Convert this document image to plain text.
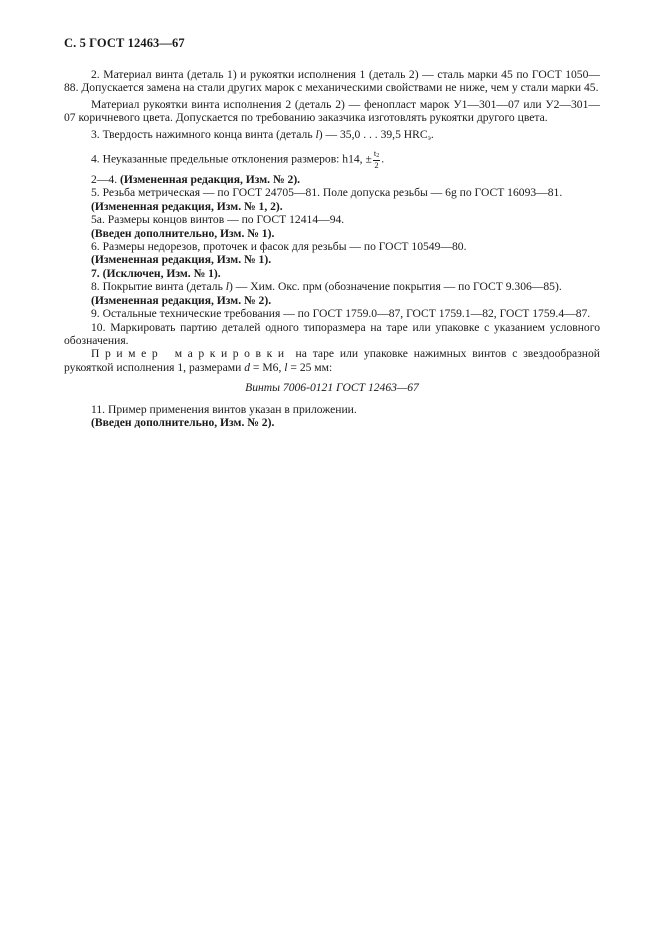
С. 5 ГОСТ 12463—67

2. Материал винта (деталь 1) и рукоятки исполнения 1 (деталь 2) — сталь марки 45 по ГОСТ 1050—88. Допускается замена на стали других марок с механическими свойствами не ниже, чем у стали марки 45.

Материал рукоятки винта исполнения 2 (деталь 2) — фенопласт марок У1—301—07 или У2—301—07 коричневого цвета. Допускается по требованию заказчика изготовлять рукоятки другого цвета.

3. Твердость нажимного конца винта (деталь l) — 35,0 . . . 39,5 $HRC_э$.

4. Неуказанные предельные отклонения размеров: h14, ± $\frac{t2}{2}$ .

2—4. (Измененная редакция, Изм. № 2).

5. Резьба метрическая — по ГОСТ 24705—81. Поле допуска резьбы — 6g по ГОСТ 16093—81.

(Измененная редакция, Изм. № 1, 2).

5а. Размеры концов винтов — по ГОСТ 12414—94.

(Введен дополнительно, Изм. № 1).

6. Размеры недорезов, проточек и фасок для резьбы — по ГОСТ 10549—80.

(Измененная редакция, Изм. № 1).

7. (Исключен, Изм. № 1).

8. Покрытие винта (деталь l) — Хим. Окс. прм (обозначение покрытия — по ГОСТ 9.306—85).

(Измененная редакция, Изм. № 2).

9. Остальные технические требования — по ГОСТ 1759.0—87, ГОСТ 1759.1—82, ГОСТ 1759.4—87.

10. Маркировать партию деталей одного типоразмера на таре или упаковке с указанием условного обозначения.

Пример маркировки на таре или упаковке нажимных винтов с звездообразной рукояткой исполнения 1, размерами d = М6, l = 25 мм:

Винты 7006-0121 ГОСТ 12463—67

11. Пример применения винтов указан в приложении.

(Введен дополнительно, Изм. № 2).
